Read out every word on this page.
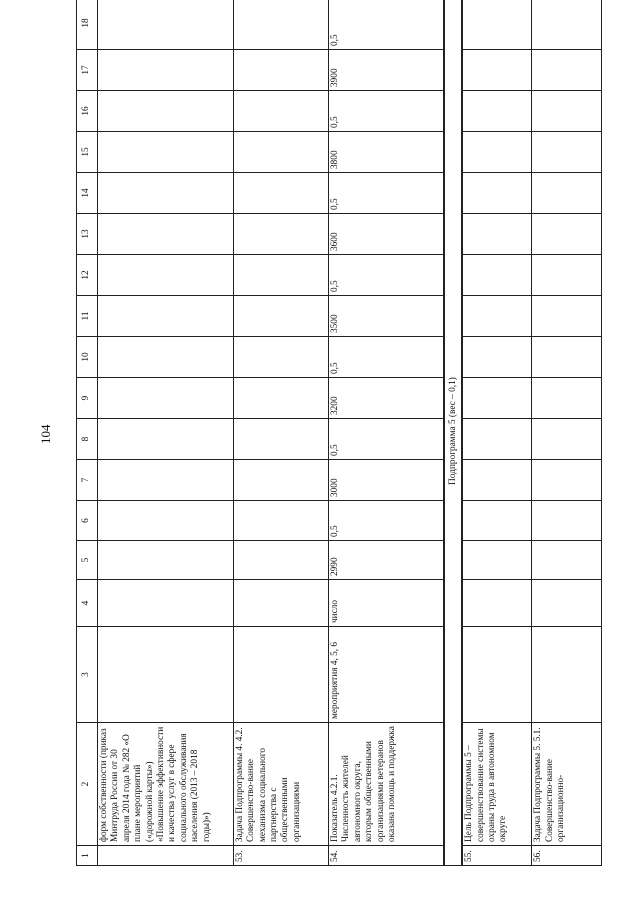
104
1	2	3	4	5	6	7	8	9	10	11	12	13	14	15	16	17	18
	форм собственности (приказ Минтруда России от 30 апреля 2014 года № 282 «О плане мероприятий («дорожной карты») «Повышение эффективности и качества услуг в сфере социального обслуживания населения (2013 – 2018 годы)»)																
53.	Задача Подпрограммы 4. 4.2. Совершенство-вание механизма социального партнерства с общественными организациями																
54.	Показатель 4.2.1. Численность жителей автономного округа, которым общественными организациями ветеранов оказана помощь и поддержка	мероприятия 4, 5, 6	число	2990	0,5	3000	0,5	3200	0,5	3500	0,5	3600	0,5	3800	0,5	3900	0,5
Подпрограмма 5 (вес – 0,1)																	
55.	Цель Подпрограммы 5 – совершенствование системы охраны труда в автономном округе																
56.	Задача Подпрограммы 5. 5.1. Совершенство-вание организационно-																
